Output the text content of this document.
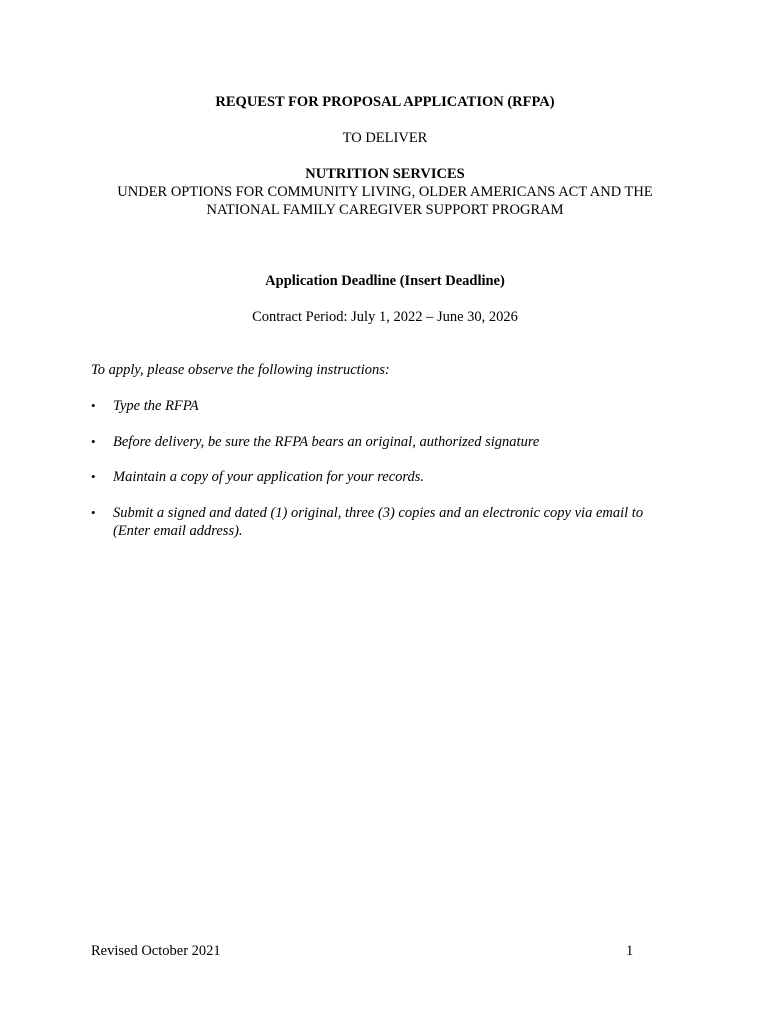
REQUEST FOR PROPOSAL APPLICATION (RFPA)
TO DELIVER
NUTRITION SERVICES
UNDER OPTIONS FOR COMMUNITY LIVING, OLDER AMERICANS ACT AND THE
NATIONAL FAMILY CAREGIVER SUPPORT PROGRAM
Application Deadline (Insert Deadline)
Contract Period: July 1, 2022 – June 30, 2026
To apply, please observe the following instructions:
• Type the RFPA
• Before delivery, be sure the RFPA bears an original, authorized signature
• Maintain a copy of your application for your records.
• Submit a signed and dated (1) original, three (3) copies and an electronic copy via email to (Enter email address).
Revised October 2021	1
